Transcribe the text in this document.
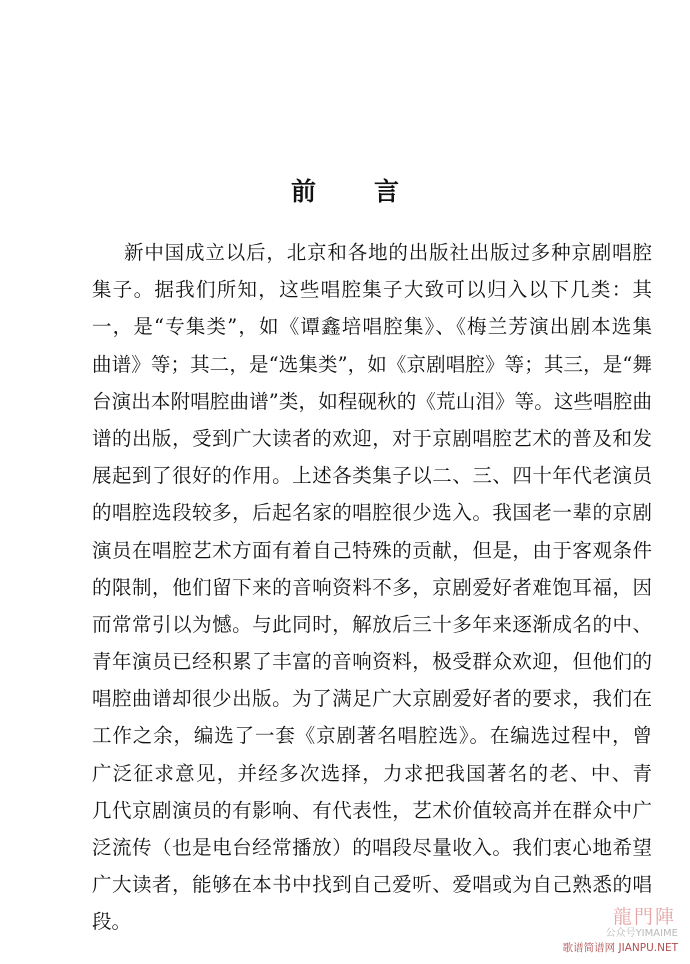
前言
新中国成立以后，北京和各地的出版社出版过多种京剧唱腔
集子。据我们所知，这些唱腔集子大致可以归入以下几类：其
一，是“专集类”，如《谭鑫培唱腔集》、《梅兰芳演出剧本选集
曲谱》等；其二，是“选集类”，如《京剧唱腔》等；其三，是“舞
台演出本附唱腔曲谱”类，如程砚秋的《荒山泪》等。这些唱腔曲
谱的出版，受到广大读者的欢迎，对于京剧唱腔艺术的普及和发
展起到了很好的作用。上述各类集子以二、三、四十年代老演员
的唱腔选段较多，后起名家的唱腔很少选入。我国老一辈的京剧
演员在唱腔艺术方面有着自己特殊的贡献，但是，由于客观条件
的限制，他们留下来的音响资料不多，京剧爱好者难饱耳福，因
而常常引以为憾。与此同时，解放后三十多年来逐渐成名的中、
青年演员已经积累了丰富的音响资料，极受群众欢迎，但他们的
唱腔曲谱却很少出版。为了满足广大京剧爱好者的要求，我们在
工作之余，编选了一套《京剧著名唱腔选》。在编选过程中，曾
广泛征求意见，并经多次选择，力求把我国著名的老、中、青
几代京剧演员的有影响、有代表性，艺术价值较高并在群众中广
泛流传（也是电台经常播放）的唱段尽量收入。我们衷心地希望
广大读者，能够在本书中找到自己爱听、爱唱或为自己熟悉的唱
段。	龍門陣
公众号YIMAIME
歌谱简谱网 JIANPU.NET
